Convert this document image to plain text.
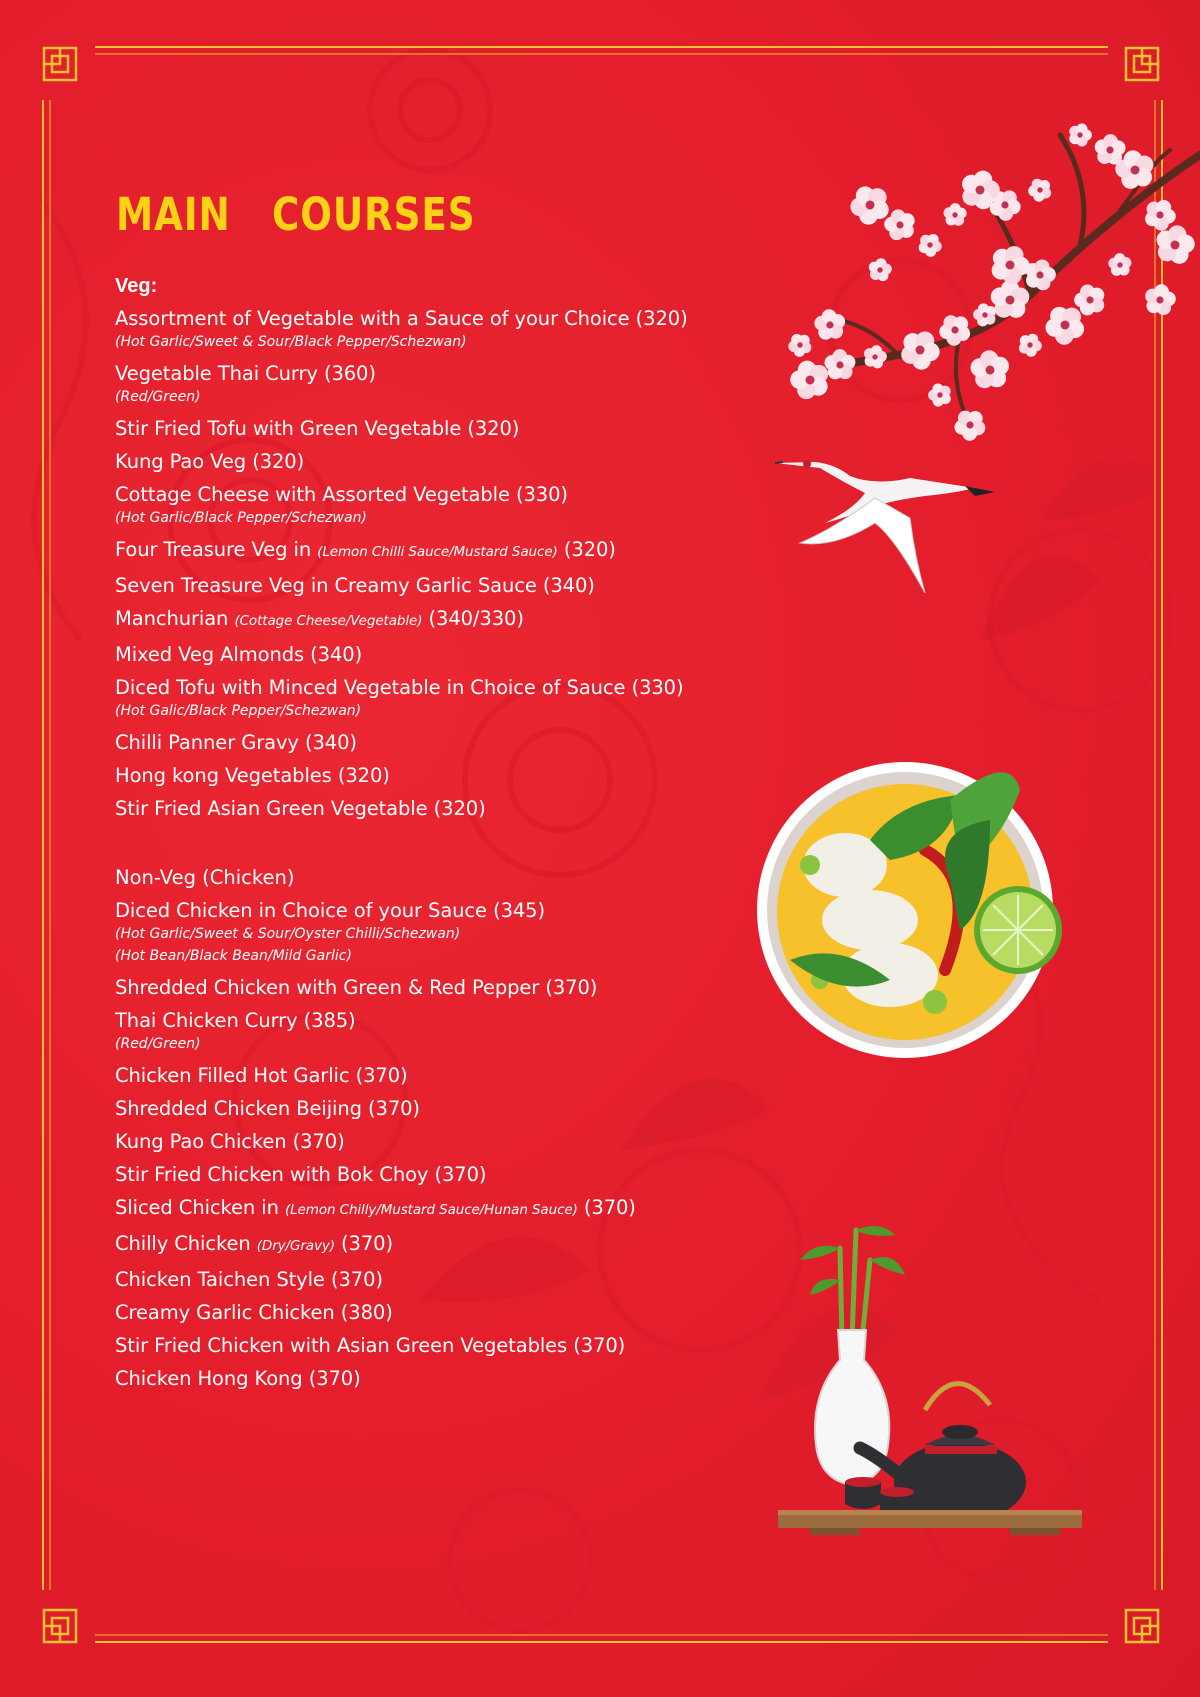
MAIN   COURSES
Veg:
Assortment of Vegetable with a Sauce of your Choice (320)
(Hot Garlic/Sweet & Sour/Black Pepper/Schezwan)
Vegetable Thai Curry (360)
(Red/Green)
Stir Fried Tofu with Green Vegetable (320)
Kung Pao Veg (320)
Cottage Cheese with Assorted Vegetable (330)
(Hot Garlic/Black Pepper/Schezwan)
Four Treasure Veg in (Lemon Chilli Sauce/Mustard Sauce) (320)
Seven Treasure Veg in Creamy Garlic Sauce (340)
Manchurian (Cottage Cheese/Vegetable) (340/330)
Mixed Veg Almonds (340)
Diced Tofu with Minced Vegetable in Choice of Sauce (330)
(Hot Galic/Black Pepper/Schezwan)
Chilli Panner Gravy (340)
Hong kong Vegetables (320)
Stir Fried Asian Green Vegetable (320)
Non-Veg (Chicken)
Diced Chicken in Choice of your Sauce (345)
(Hot Garlic/Sweet & Sour/Oyster Chilli/Schezwan)
(Hot Bean/Black Bean/Mild Garlic)
Shredded Chicken with Green & Red Pepper (370)
Thai Chicken Curry (385)
(Red/Green)
Chicken Filled Hot Garlic (370)
Shredded Chicken Beijing (370)
Kung Pao Chicken (370)
Stir Fried Chicken with Bok Choy (370)
Sliced Chicken in (Lemon Chilly/Mustard Sauce/Hunan Sauce) (370)
Chilly Chicken (Dry/Gravy) (370)
Chicken Taichen Style (370)
Creamy Garlic Chicken (380)
Stir Fried Chicken with Asian Green Vegetables (370)
Chicken Hong Kong (370)
